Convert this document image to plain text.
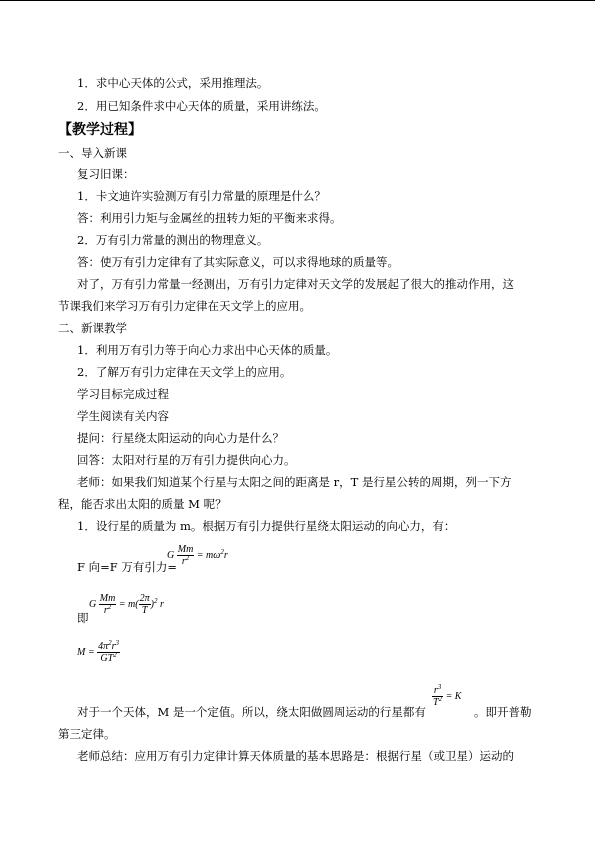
1．求中心天体的公式，采用推理法。
2．用已知条件求中心天体的质量，采用讲练法。
【教学过程】
一、导入新课
复习旧课：
1．卡文迪许实验测万有引力常量的原理是什么？
答：利用引力矩与金属丝的扭转力矩的平衡来求得。
2．万有引力常量的测出的物理意义。
答：使万有引力定律有了其实际意义，可以求得地球的质量等。
对了，万有引力常量一经测出，万有引力定律对天文学的发展起了很大的推动作用，这
节课我们来学习万有引力定律在天文学上的应用。
二、新课教学
1．利用万有引力等于向心力求出中心天体的质量。
2．了解万有引力定律在天文学上的应用。
学习目标完成过程
学生阅读有关内容
提问：行星绕太阳运动的向心力是什么？
回答：太阳对行星的万有引力提供向心力。
老师：如果我们知道某个行星与太阳之间的距离是 r，T 是行星公转的周期，列一下方
程，能否求出太阳的质量 M 呢？
1．设行星的质量为 m。根据万有引力提供行星绕太阳运动的向心力，有：
F 向=F 万有引力=
G $\frac{Mm}{r^2} = m\omega^2r$
即
G $\frac{Mm}{r^2} = m( \frac{2\pi}{T} )^2$ r
$M = \frac{4\pi^2r^3}{GT^2}$
对于一个天体，M 是一个定值。所以，绕太阳做圆周运动的行星都有
$\frac{r^3}{T^2} = K$
。即开普勒
第三定律。
老师总结：应用万有引力定律计算天体质量的基本思路是：根据行星（或卫星）运动的
